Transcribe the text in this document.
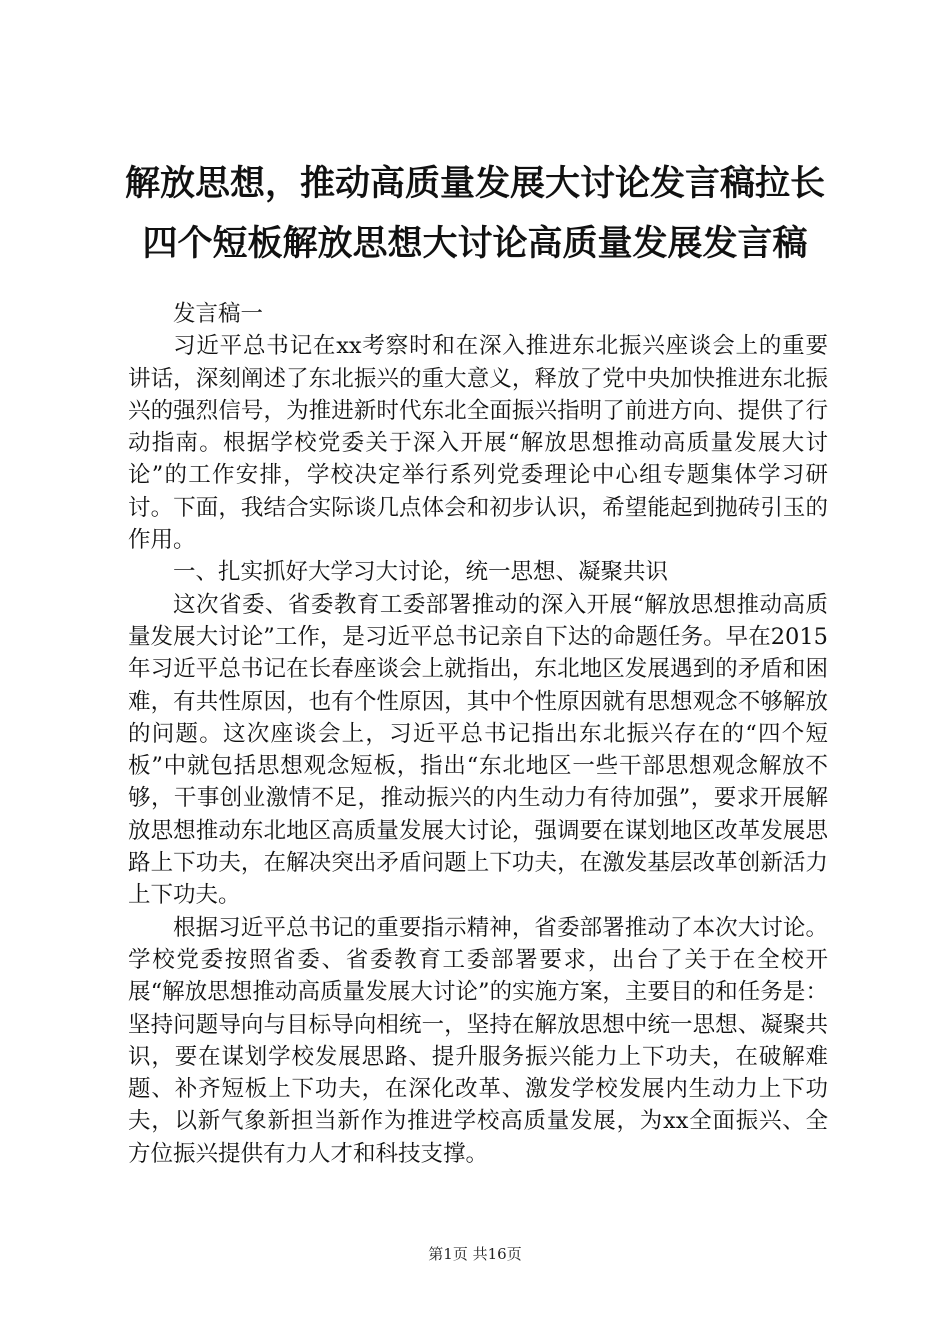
解放思想，推动高质量发展大讨论发言稿拉长
四个短板解放思想大讨论高质量发展发言稿

发言稿一

习近平总书记在xx考察时和在深入推进东北振兴座谈会上的重要讲话，深刻阐述了东北振兴的重大意义，释放了党中央加快推进东北振兴的强烈信号，为推进新时代东北全面振兴指明了前进方向、提供了行动指南。根据学校党委关于深入开展“解放思想推动高质量发展大讨论”的工作安排，学校决定举行系列党委理论中心组专题集体学习研讨。下面，我结合实际谈几点体会和初步认识，希望能起到抛砖引玉的作用。

一、扎实抓好大学习大讨论，统一思想、凝聚共识

这次省委、省委教育工委部署推动的深入开展“解放思想推动高质量发展大讨论”工作，是习近平总书记亲自下达的命题任务。早在2015年习近平总书记在长春座谈会上就指出，东北地区发展遇到的矛盾和困难，有共性原因，也有个性原因，其中个性原因就有思想观念不够解放的问题。这次座谈会上，习近平总书记指出东北振兴存在的“四个短板”中就包括思想观念短板，指出“东北地区一些干部思想观念解放不够，干事创业激情不足，推动振兴的内生动力有待加强”，要求开展解放思想推动东北地区高质量发展大讨论，强调要在谋划地区改革发展思路上下功夫，在解决突出矛盾问题上下功夫，在激发基层改革创新活力上下功夫。

根据习近平总书记的重要指示精神，省委部署推动了本次大讨论。学校党委按照省委、省委教育工委部署要求，出台了关于在全校开展“解放思想推动高质量发展大讨论”的实施方案，主要目的和任务是：坚持问题导向与目标导向相统一，坚持在解放思想中统一思想、凝聚共识，要在谋划学校发展思路、提升服务振兴能力上下功夫，在破解难题、补齐短板上下功夫，在深化改革、激发学校发展内生动力上下功夫，以新气象新担当新作为推进学校高质量发展，为xx全面振兴、全方位振兴提供有力人才和科技支撑。

第1页 共16页
